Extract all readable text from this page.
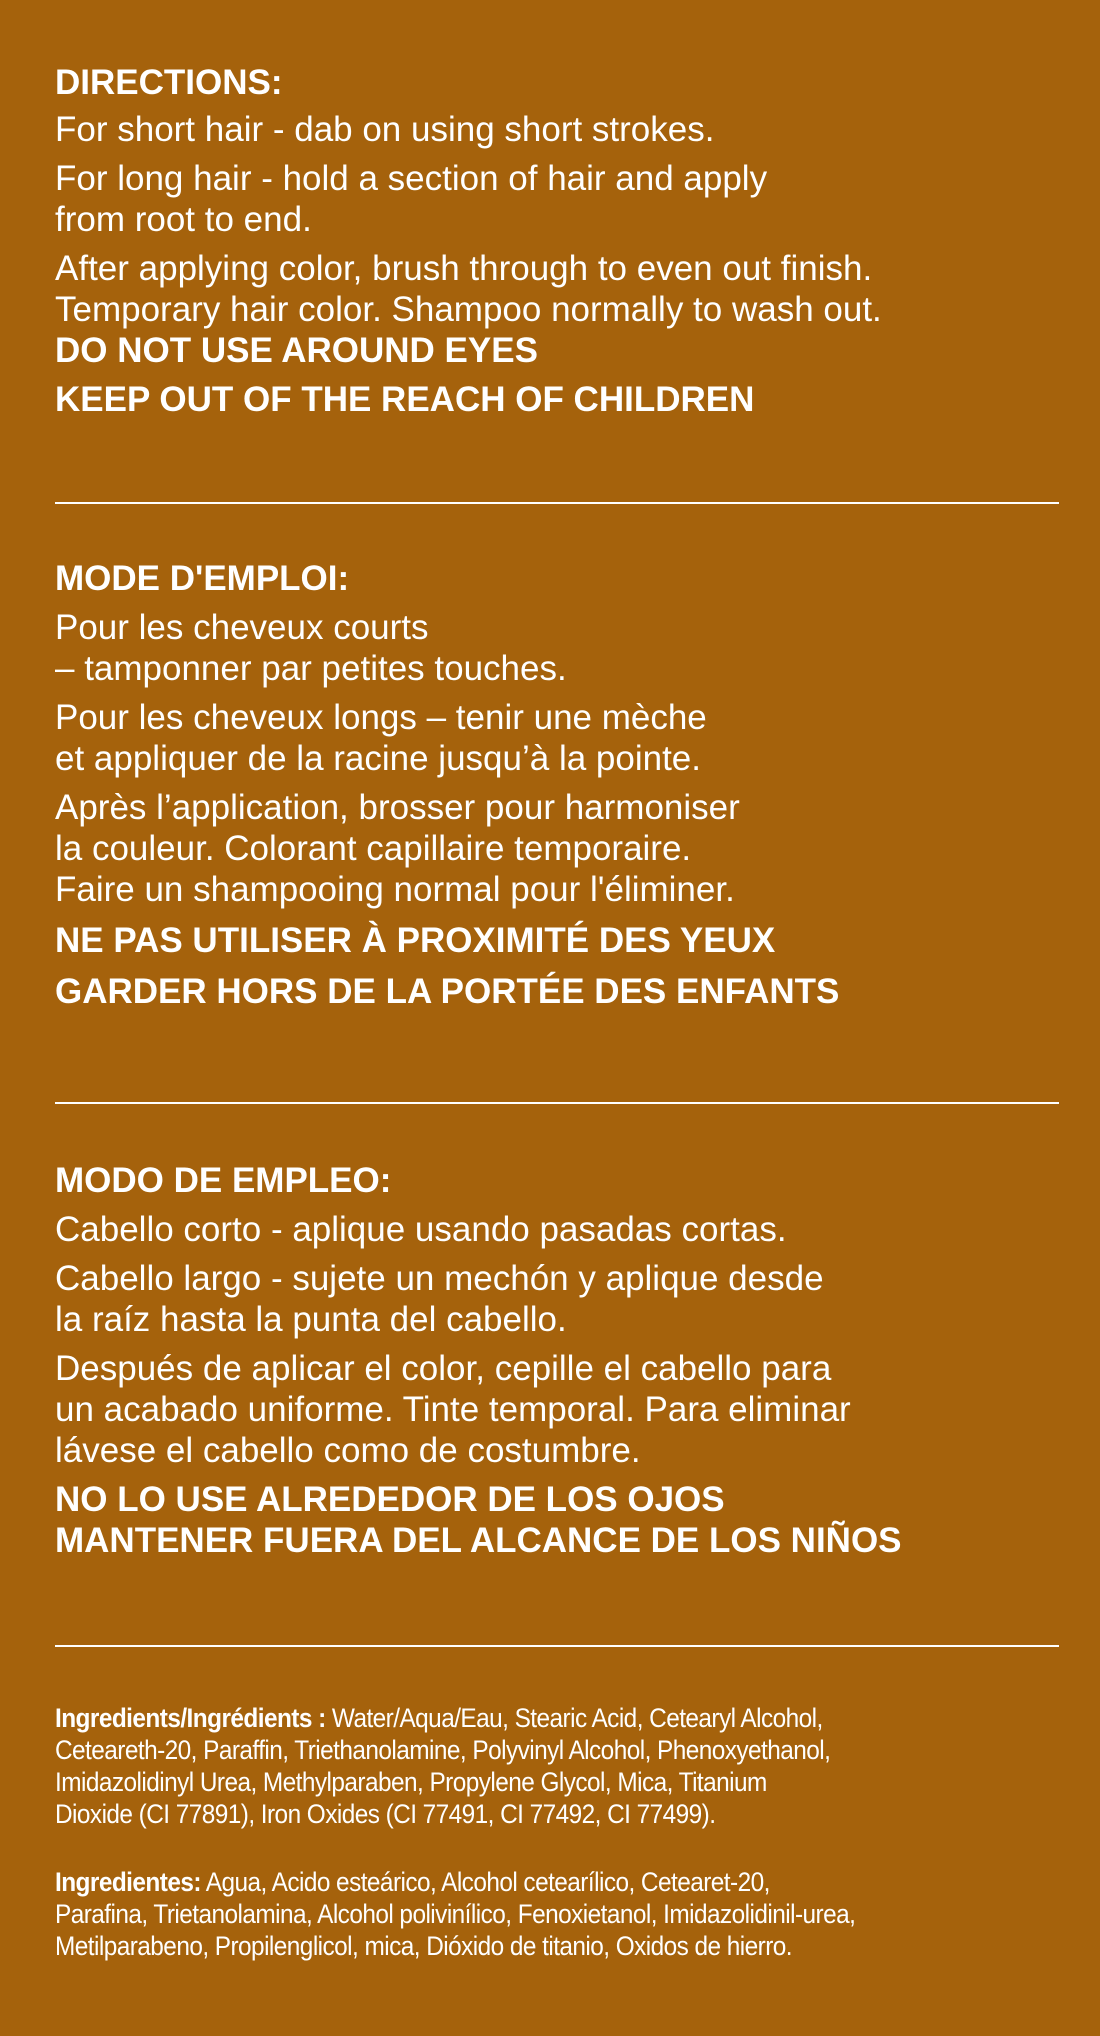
DIRECTIONS:

For short hair - dab on using short strokes.

For long hair - hold a section of hair and apply
from root to end.

After applying color, brush through to even out finish.
Temporary hair color. Shampoo normally to wash out.

DO NOT USE AROUND EYES

KEEP OUT OF THE REACH OF CHILDREN

MODE D'EMPLOI:

Pour les cheveux courts
– tamponner par petites touches.

Pour les cheveux longs – tenir une mèche
et appliquer de la racine jusqu’à la pointe.

Après l’application, brosser pour harmoniser
la couleur. Colorant capillaire temporaire.
Faire un shampooing normal pour l'éliminer.

NE PAS UTILISER À PROXIMITÉ DES YEUX

GARDER HORS DE LA PORTÉE DES ENFANTS

MODO DE EMPLEO:

Cabello corto - aplique usando pasadas cortas.

Cabello largo - sujete un mechón y aplique desde
la raíz hasta la punta del cabello.

Después de aplicar el color, cepille el cabello para
un acabado uniforme. Tinte temporal. Para eliminar
lávese el cabello como de costumbre.

NO LO USE ALREDEDOR DE LOS OJOS

MANTENER FUERA DEL ALCANCE DE LOS NIÑOS

Ingredients/Ingrédients : Water/Aqua/Eau, Stearic Acid, Cetearyl Alcohol,
Ceteareth-20, Paraffin, Triethanolamine, Polyvinyl Alcohol, Phenoxyethanol,
Imidazolidinyl Urea, Methylparaben, Propylene Glycol, Mica, Titanium
Dioxide (CI 77891), Iron Oxides (CI 77491, CI 77492, CI 77499).

Ingredientes: Agua, Acido esteárico, Alcohol cetearílico, Cetearet-20,
Parafina, Trietanolamina, Alcohol polivinílico, Fenoxietanol, Imidazolidinil-urea,
Metilparabeno, Propilenglicol, mica, Dióxido de titanio, Oxidos de hierro.
